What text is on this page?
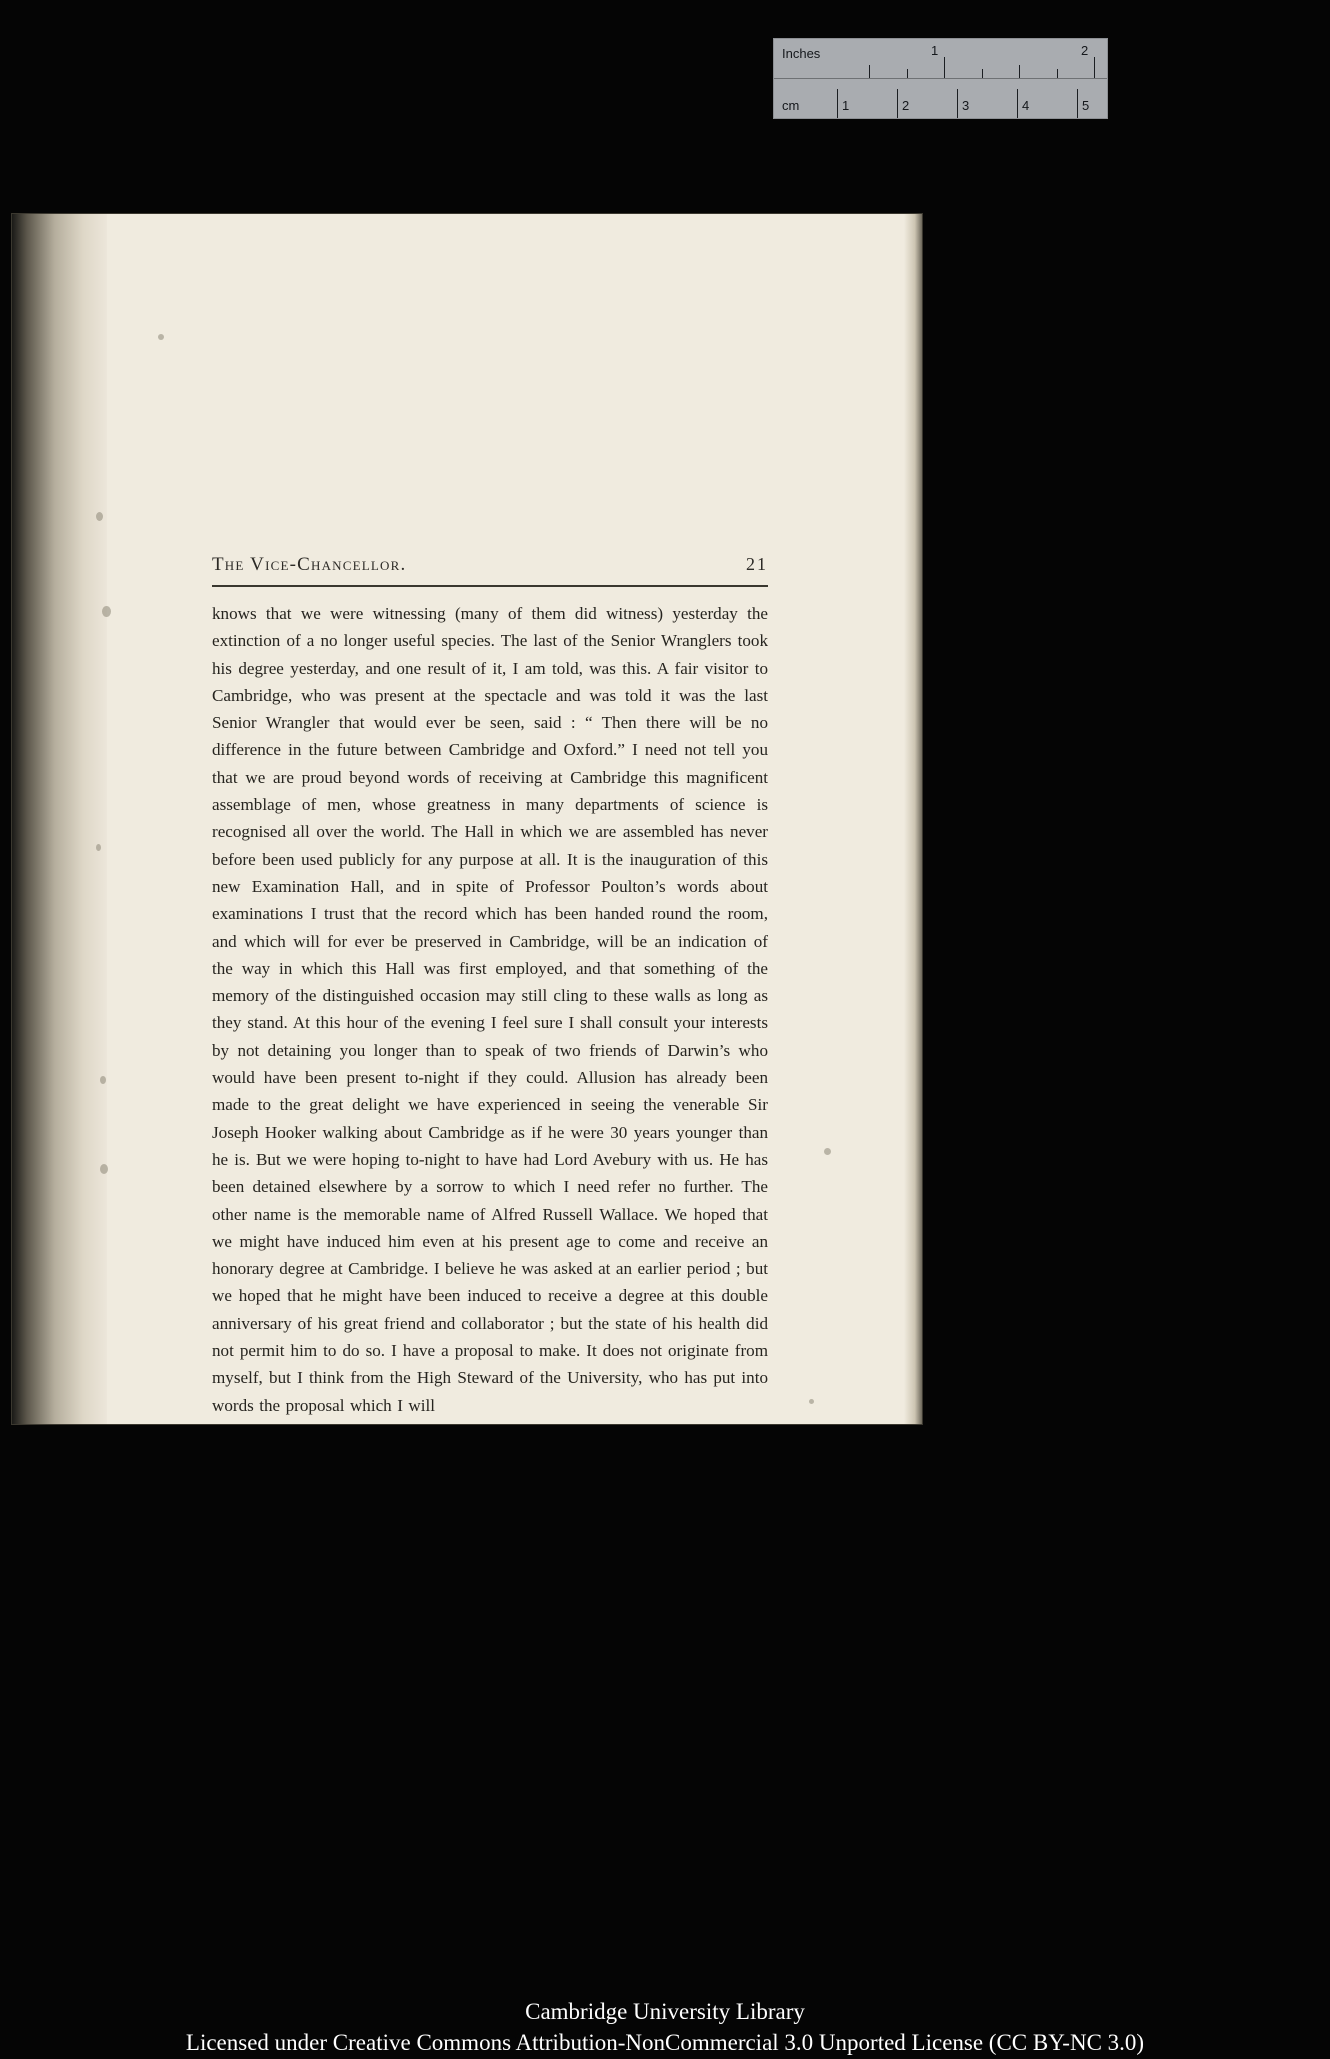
Inches	1	2
cm	1	2	3	4	5
The Vice-Chancellor.	21

knows that we were witnessing (many of them did witness) yesterday the extinction of a no longer useful species. The last of the Senior Wranglers took his degree yesterday, and one result of it, I am told, was this. A fair visitor to Cambridge, who was present at the spectacle and was told it was the last Senior Wrangler that would ever be seen, said : “ Then there will be no difference in the future between Cambridge and Oxford.” I need not tell you that we are proud beyond words of receiving at Cambridge this magnificent assemblage of men, whose greatness in many departments of science is recognised all over the world. The Hall in which we are assembled has never before been used publicly for any purpose at all. It is the inauguration of this new Examination Hall, and in spite of Professor Poulton’s words about examinations I trust that the record which has been handed round the room, and which will for ever be preserved in Cambridge, will be an indication of the way in which this Hall was first employed, and that something of the memory of the distinguished occasion may still cling to these walls as long as they stand. At this hour of the evening I feel sure I shall consult your interests by not detaining you longer than to speak of two friends of Darwin’s who would have been present to-night if they could. Allusion has already been made to the great delight we have experienced in seeing the venerable Sir Joseph Hooker walking about Cambridge as if he were 30 years younger than he is. But we were hoping to-night to have had Lord Avebury with us. He has been detained elsewhere by a sorrow to which I need refer no further. The other name is the memorable name of Alfred Russell Wallace. We hoped that we might have induced him even at his present age to come and receive an honorary degree at Cambridge. I believe he was asked at an earlier period ; but we hoped that he might have been induced to receive a degree at this double anniversary of his great friend and collaborator ; but the state of his health did not permit him to do so. I have a proposal to make. It does not originate from myself, but I think from the High Steward of the University, who has put into words the proposal which I will

Cambridge University Library
Licensed under Creative Commons Attribution-NonCommercial 3.0 Unported License (CC BY-NC 3.0)
